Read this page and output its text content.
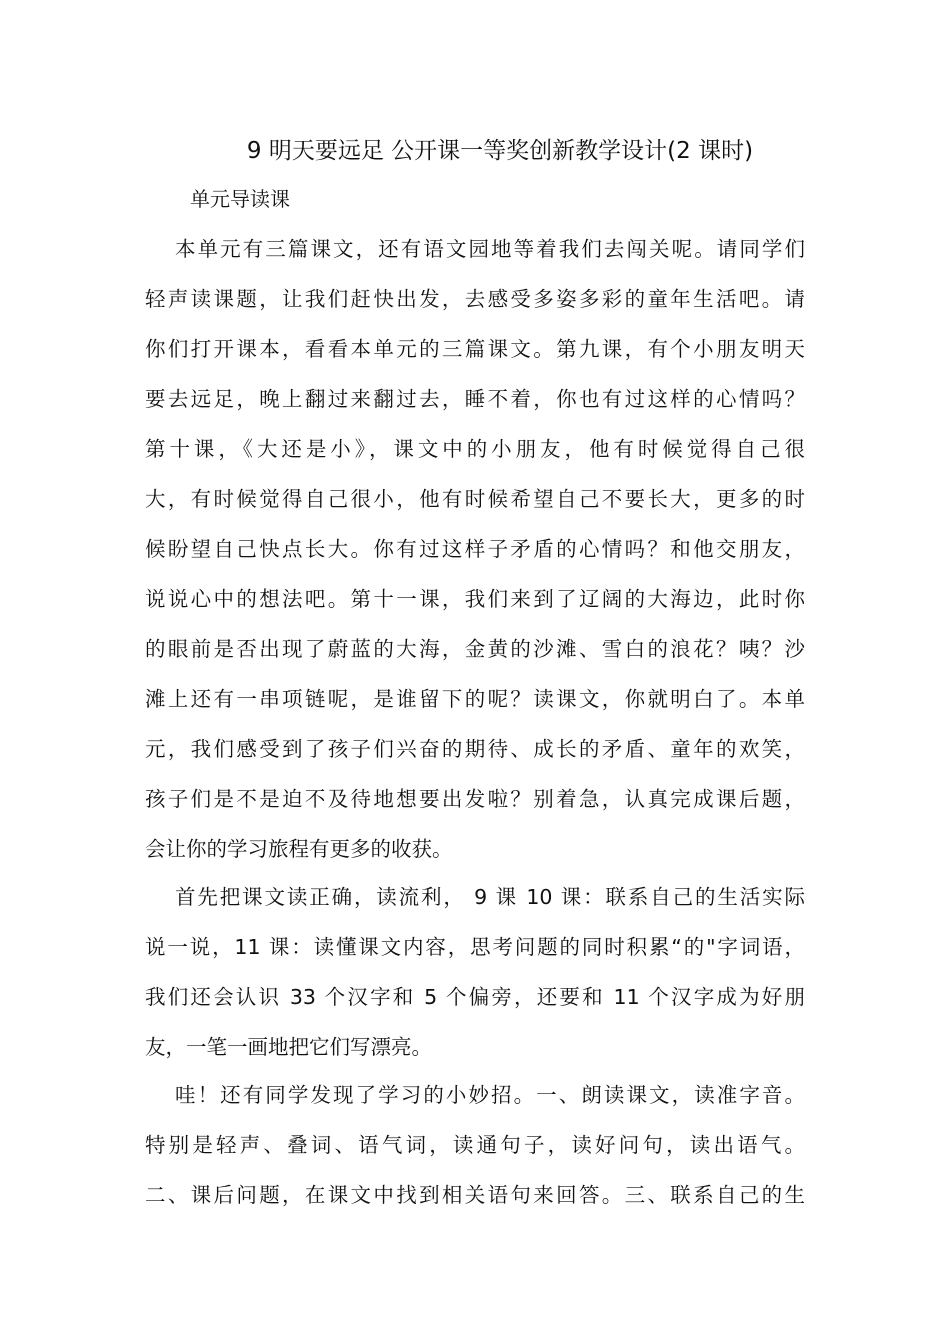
9 明天要远足 公开课一等奖创新教学设计(2 课时)
单元导读课
本单元有三篇课文，还有语文园地等着我们去闯关呢。请同学们
轻声读课题，让我们赶快出发，去感受多姿多彩的童年生活吧。请
你们打开课本，看看本单元的三篇课文。第九课，有个小朋友明天
要去远足，晚上翻过来翻过去，睡不着，你也有过这样的心情吗？
第十课，《大还是小》，课文中的小朋友，他有时候觉得自己很
大，有时候觉得自己很小，他有时候希望自己不要长大，更多的时
候盼望自己快点长大。你有过这样子矛盾的心情吗？和他交朋友，
说说心中的想法吧。第十一课，我们来到了辽阔的大海边，此时你
的眼前是否出现了蔚蓝的大海，金黄的沙滩、雪白的浪花？咦？沙
滩上还有一串项链呢，是谁留下的呢？读课文，你就明白了。本单
元，我们感受到了孩子们兴奋的期待、成长的矛盾、童年的欢笑，
孩子们是不是迫不及待地想要出发啦？别着急，认真完成课后题，
会让你的学习旅程有更多的收获。
首先把课文读正确，读流利， 9 课 10 课：联系自己的生活实际
说一说，11 课：读懂课文内容，思考问题的同时积累“的"字词语，
我们还会认识 33 个汉字和 5 个偏旁，还要和 11 个汉字成为好朋
友，一笔一画地把它们写漂亮。
哇！还有同学发现了学习的小妙招。一、朗读课文，读准字音。
特别是轻声、叠词、语气词，读通句子，读好问句，读出语气。
二、课后问题，在课文中找到相关语句来回答。三、联系自己的生
